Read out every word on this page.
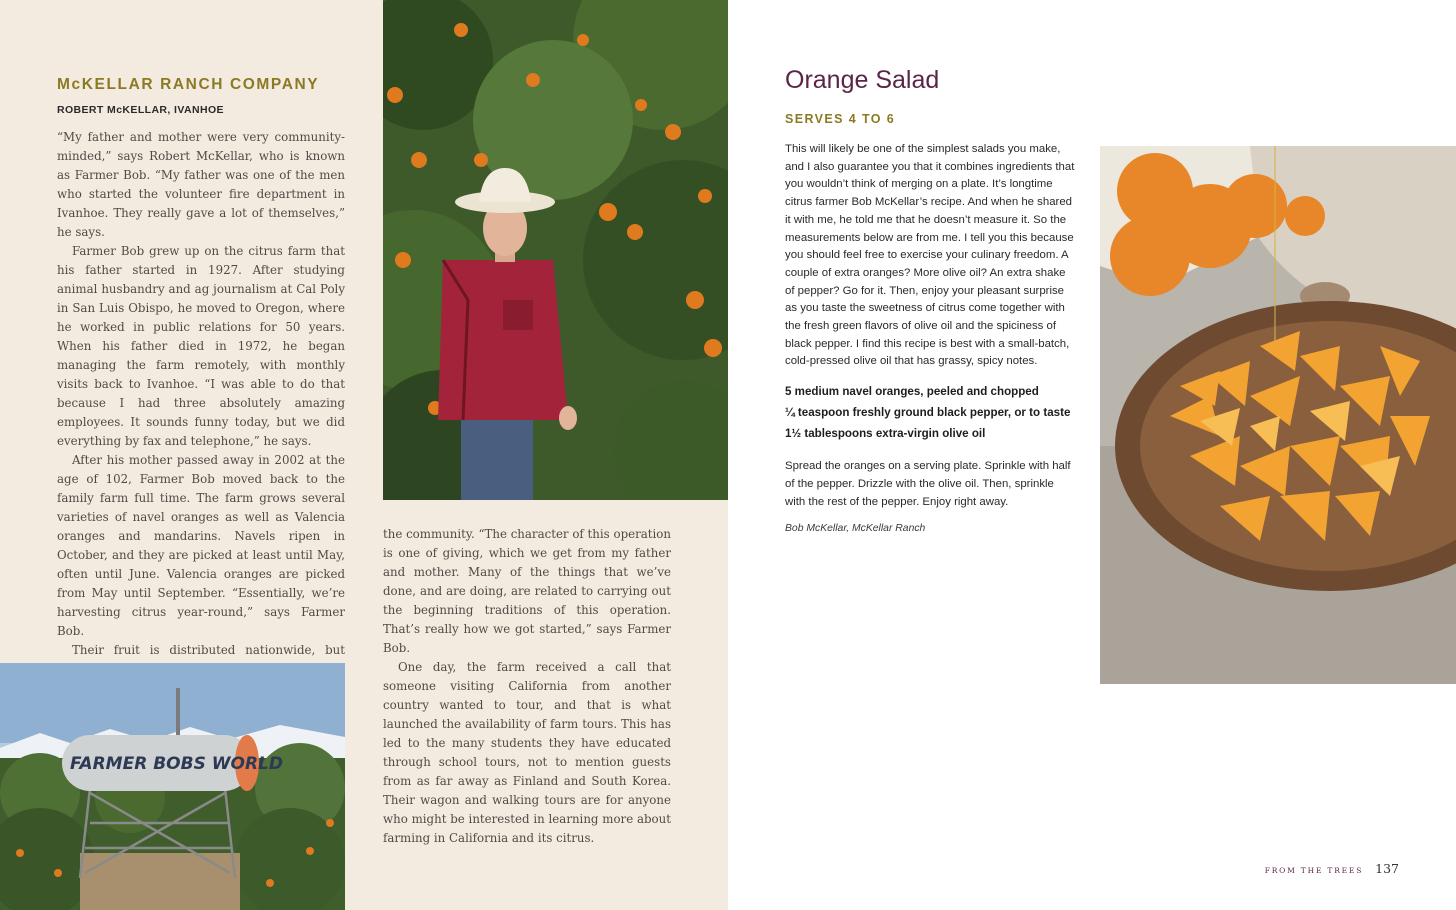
McKELLAR RANCH COMPANY
ROBERT McKELLAR, IVANHOE

“My father and mother were very community-minded,” says Robert McKellar, who is known as Farmer Bob. “My father was one of the men who started the volunteer fire department in Ivanhoe. They really gave a lot of themselves,” he says.

Farmer Bob grew up on the citrus farm that his father started in 1927. After studying animal husbandry and ag journalism at Cal Poly in San Luis Obispo, he moved to Oregon, where he worked in public relations for 50 years. When his father died in 1972, he began managing the farm remotely, with monthly visits back to Ivanhoe. “I was able to do that because I had three absolutely amazing employees. It sounds funny today, but we did everything by fax and telephone,” he says.

After his mother passed away in 2002 at the age of 102, Farmer Bob moved back to the family farm full time. The farm grows several varieties of navel oranges as well as Valencia oranges and mandarins. Navels ripen in October, and they are picked at least until May, often until June. Valencia oranges are picked from May until September. “Essentially, we’re harvesting citrus year-round,” says Farmer Bob.

Their fruit is distributed nationwide, but

FARMER BOBS WORLD

the community. “The character of this operation is one of giving, which we get from my father and mother. Many of the things that we’ve done, and are doing, are related to carrying out the beginning traditions of this operation. That’s really how we got started,” says Farmer Bob.

One day, the farm received a call that someone visiting California from another country wanted to tour, and that is what launched the availability of farm tours. This has led to the many students they have educated through school tours, not to mention guests from as far away as Finland and South Korea. Their wagon and walking tours are for anyone who might be interested in learning more about farming in California and its citrus.

Orange Salad
SERVES 4 TO 6

This will likely be one of the simplest salads you make, and I also guarantee you that it combines ingredients that you wouldn’t think of merging on a plate. It’s longtime citrus farmer Bob McKellar’s recipe. And when he shared it with me, he told me that he doesn’t measure it. So the measurements below are from me. I tell you this because you should feel free to exercise your culinary freedom. A couple of extra oranges? More olive oil? An extra shake of pepper? Go for it. Then, enjoy your pleasant surprise as you taste the sweetness of citrus come together with the fresh green flavors of olive oil and the spiciness of black pepper. I find this recipe is best with a small-batch, cold-pressed olive oil that has grassy, spicy notes.

5 medium navel oranges, peeled and chopped
¼ teaspoon freshly ground black pepper, or to taste
1½ tablespoons extra-virgin olive oil

Spread the oranges on a serving plate. Sprinkle with half of the pepper. Drizzle with the olive oil. Then, sprinkle with the rest of the pepper. Enjoy right away.

Bob McKellar, McKellar Ranch

FROM THE TREES 137
